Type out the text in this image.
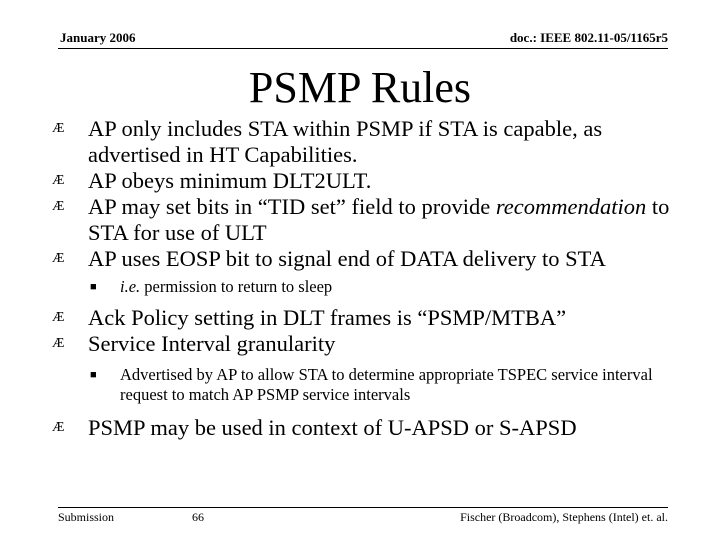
January 2006	doc.: IEEE 802.11-05/1165r5
PSMP Rules
Æ AP only includes STA within PSMP if STA is capable, as advertised in HT Capabilities.
Æ AP obeys minimum DLT2ULT.
Æ AP may set bits in “TID set” field to provide recommendation to STA for use of ULT
Æ AP uses EOSP bit to signal end of DATA delivery to STA
■ i.e. permission to return to sleep
Æ Ack Policy setting in DLT frames is “PSMP/MTBA”
Æ Service Interval granularity
■ Advertised by AP to allow STA to determine appropriate TSPEC service interval request to match AP PSMP service intervals
Æ PSMP may be used in context of U-APSD or S-APSD
Submission	66	Fischer (Broadcom), Stephens (Intel) et. al.
